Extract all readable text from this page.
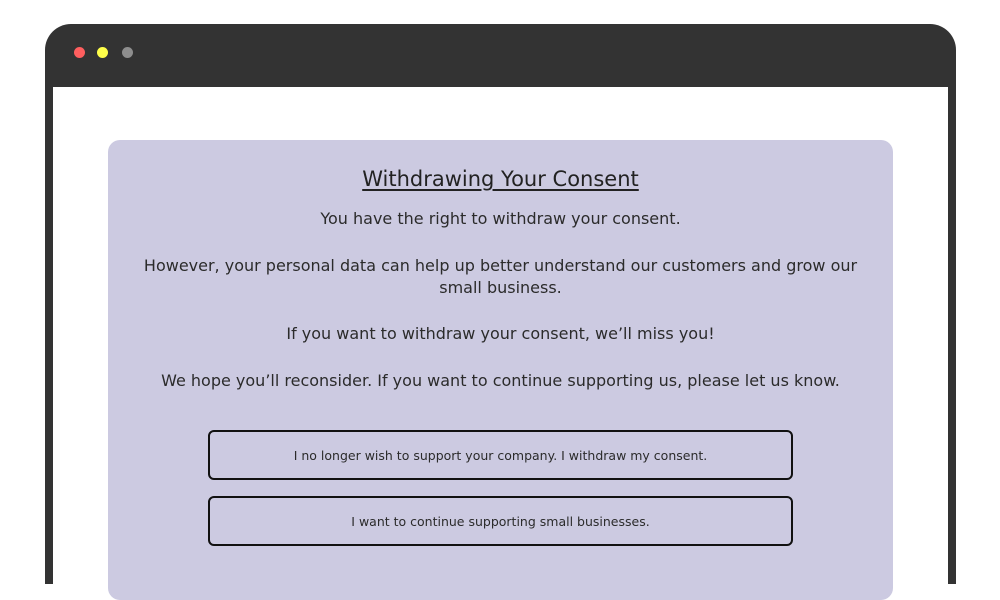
Withdrawing Your Consent
You have the right to withdraw your consent.
However, your personal data can help up better understand our customers and grow our small business.
If you want to withdraw your consent, we’ll miss you!
We hope you’ll reconsider. If you want to continue supporting us, please let us know.
I no longer wish to support your company. I withdraw my consent.
I want to continue supporting small businesses.
